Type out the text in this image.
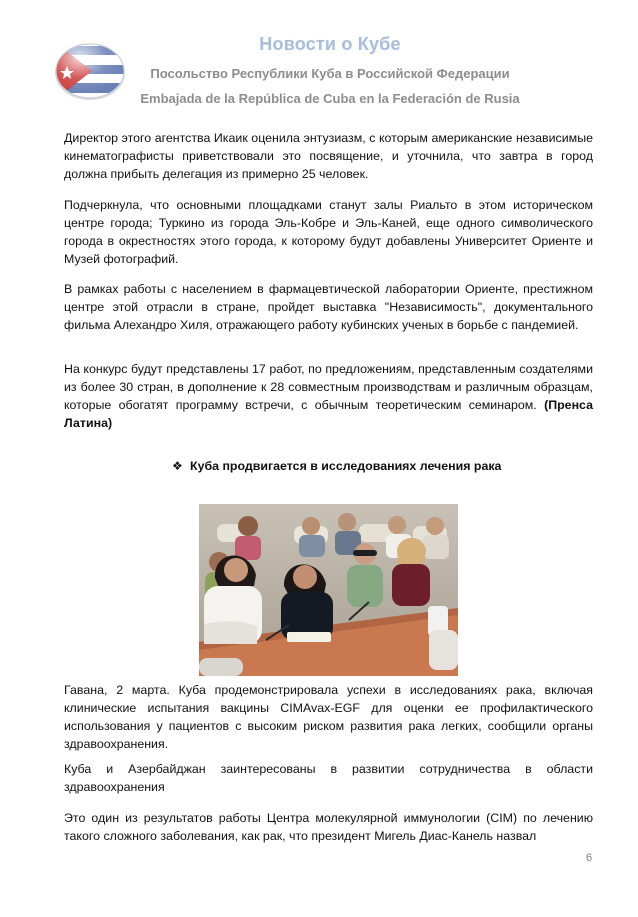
Новости о Кубе
Посольство Республики Куба в Российской Федерации
Embajada de la República de Cuba en la Federación de Rusia
Директор этого агентства Икаик оценила энтузиазм, с которым американские независимые кинематографисты приветствовали это посвящение, и уточнила, что завтра в город должна прибыть делегация из примерно 25 человек.
Подчеркнула, что основными площадками станут залы Риальто в этом историческом центре города; Туркино из города Эль-Кобре и Эль-Каней, еще одного символического города в окрестностях этого города, к которому будут добавлены Университет Ориенте и Музей фотографий.
В рамках работы с населением в фармацевтической лаборатории Ориенте, престижном центре этой отрасли в стране, пройдет выставка "Независимость", документального фильма Алехандро Хиля, отражающего работу кубинских ученых в борьбе с пандемией.
На конкурс будут представлены 17 работ, по предложениям, представленным создателями из более 30 стран, в дополнение к 28 совместным производствам и различным образцам, которые обогатят программу встречи, с обычным теоретическим семинаром. (Пренса Латина)
❖ Куба продвигается в исследованиях лечения рака
Гавана, 2 марта. Куба продемонстрировала успехи в исследованиях рака, включая клинические испытания вакцины CIMAvax-EGF для оценки ее профилактического использования у пациентов с высоким риском развития рака легких, сообщили органы здравоохранения.
Куба и Азербайджан заинтересованы в развитии сотрудничества в области здравоохранения
Это один из результатов работы Центра молекулярной иммунологии (CIM) по лечению такого сложного заболевания, как рак, что президент Мигель Диас-Канель назвал
6
